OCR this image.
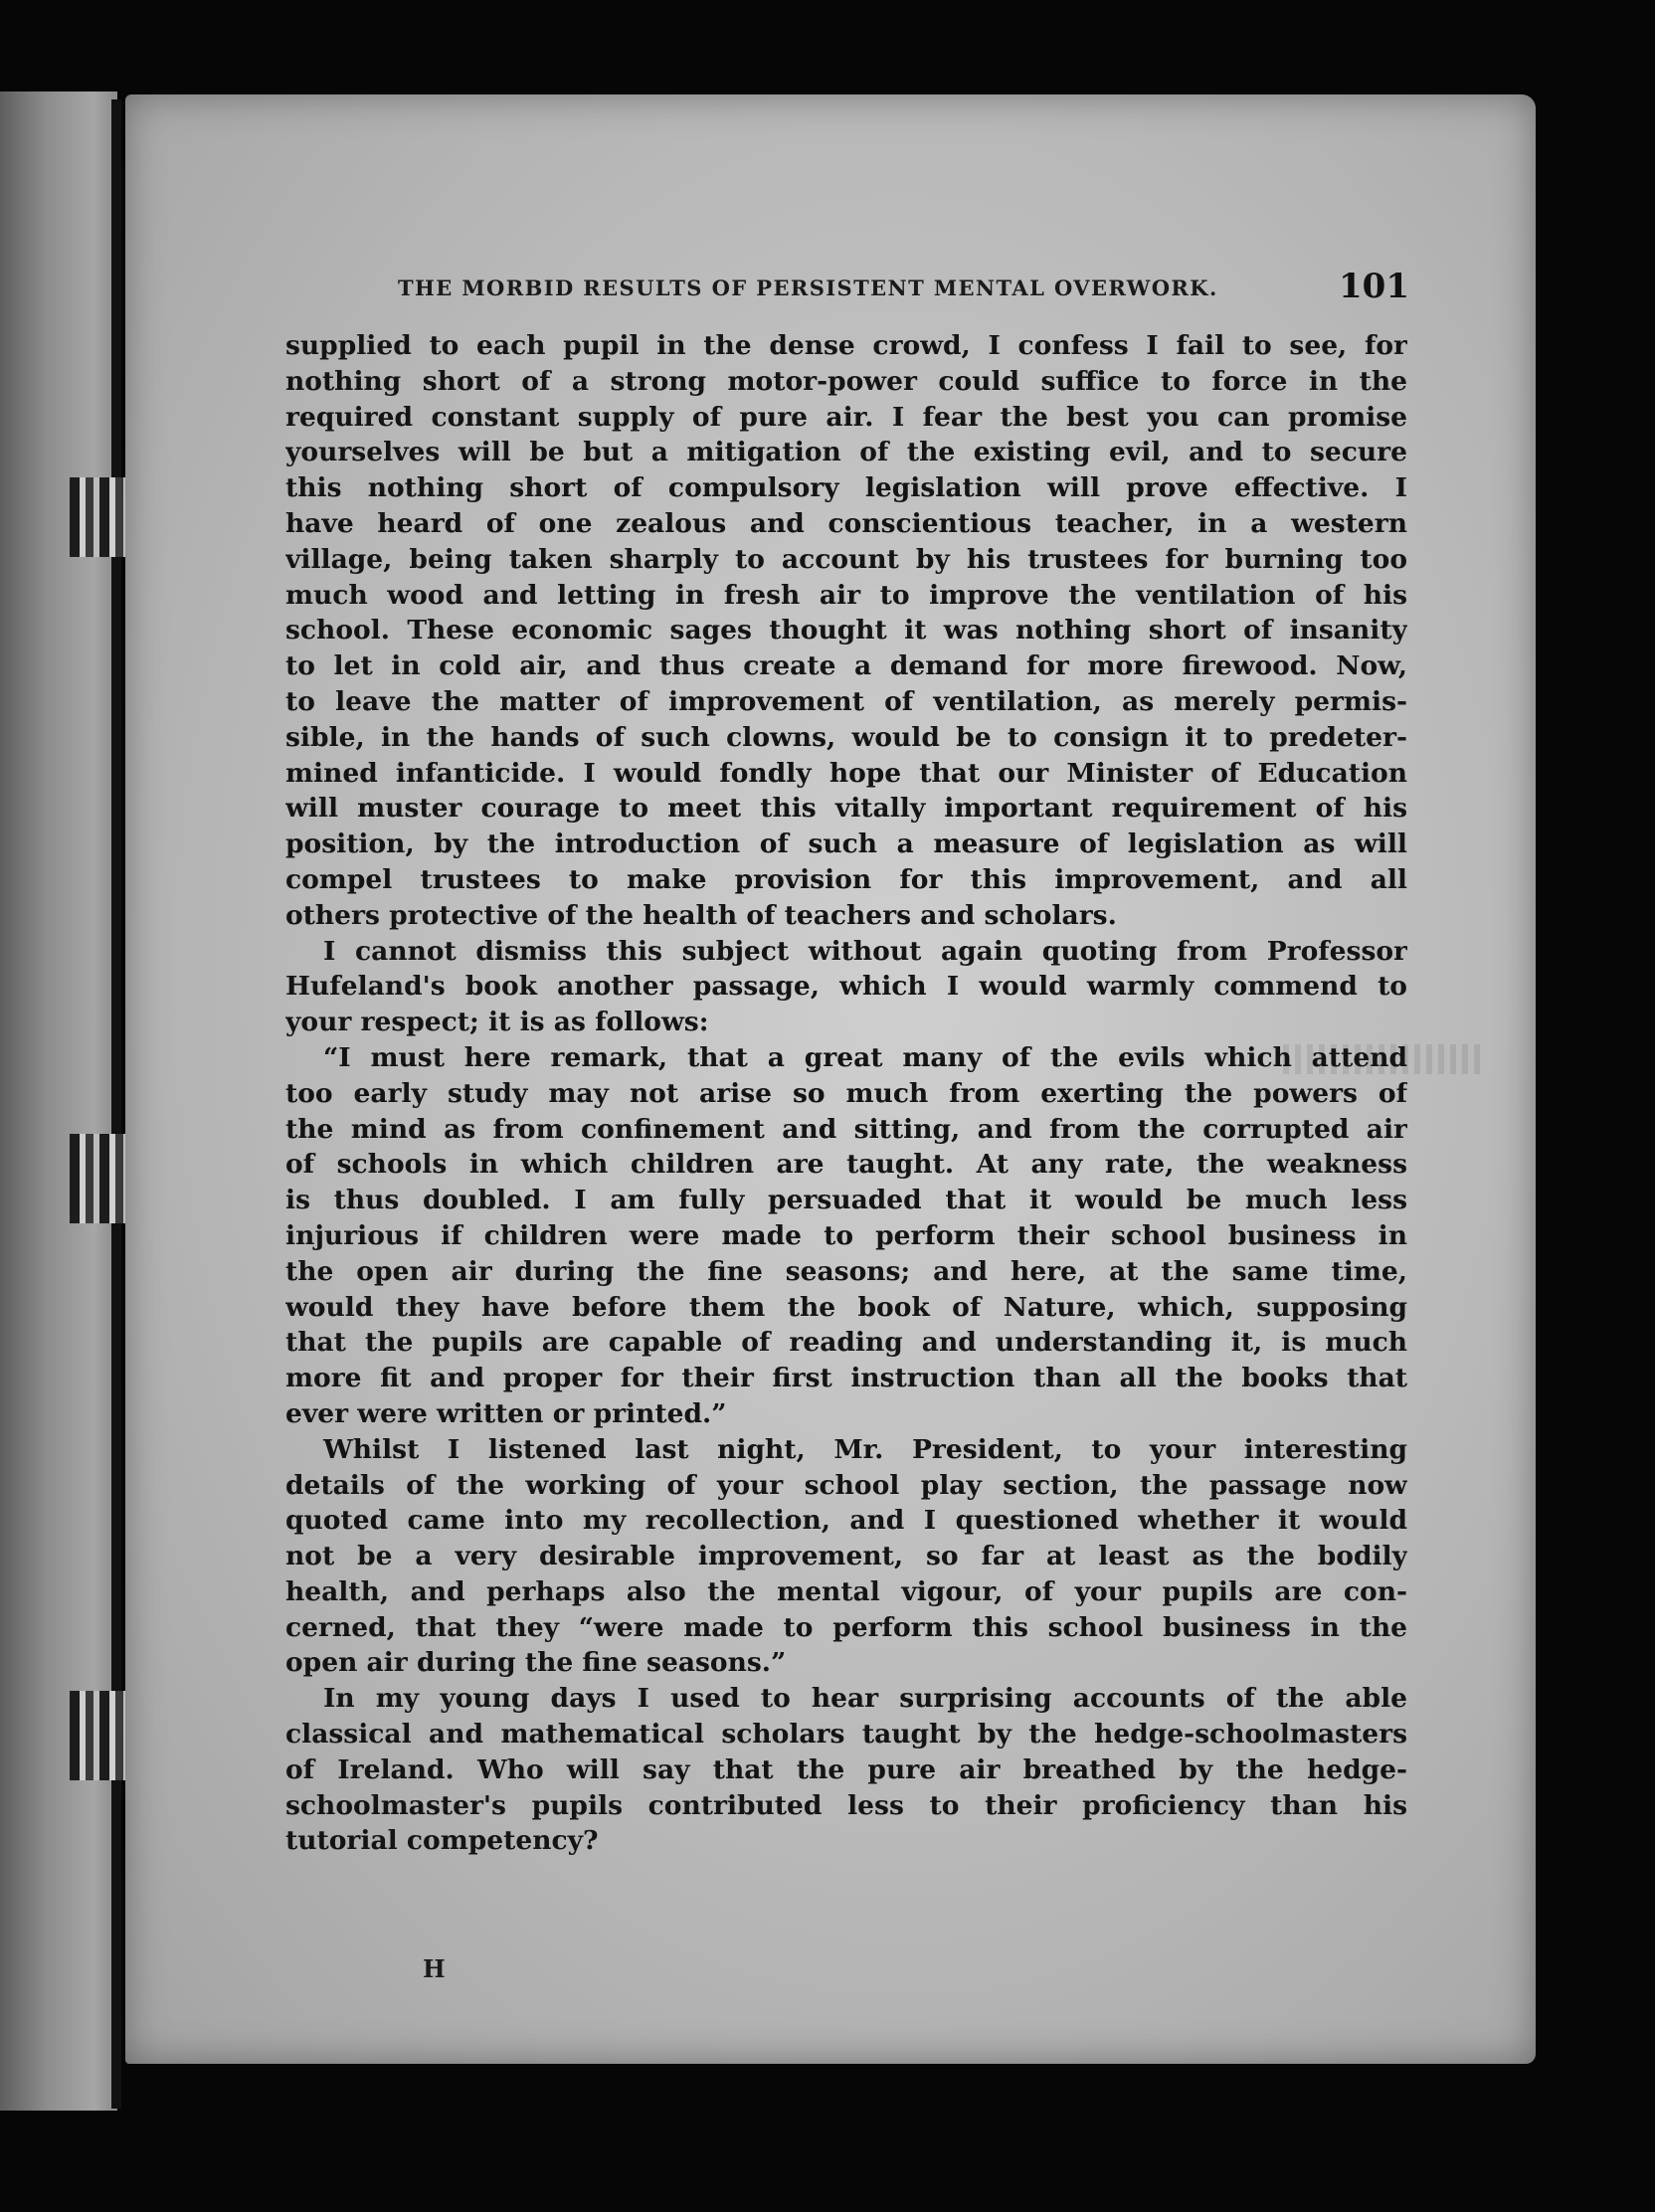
THE MORBID RESULTS OF PERSISTENT MENTAL OVERWORK.	101
supplied to each pupil in the dense crowd, I confess I fail to see, for
nothing short of a strong motor-power could suffice to force in the
required constant supply of pure air. I fear the best you can promise
yourselves will be but a mitigation of the existing evil, and to secure
this nothing short of compulsory legislation will prove effective. I
have heard of one zealous and conscientious teacher, in a western
village, being taken sharply to account by his trustees for burning too
much wood and letting in fresh air to improve the ventilation of his
school. These economic sages thought it was nothing short of insanity
to let in cold air, and thus create a demand for more firewood. Now,
to leave the matter of improvement of ventilation, as merely permis-
sible, in the hands of such clowns, would be to consign it to predeter-
mined infanticide. I would fondly hope that our Minister of Education
will muster courage to meet this vitally important requirement of his
position, by the introduction of such a measure of legislation as will
compel trustees to make provision for this improvement, and all
others protective of the health of teachers and scholars.
I cannot dismiss this subject without again quoting from Professor
Hufeland's book another passage, which I would warmly commend to
your respect; it is as follows:
“I must here remark, that a great many of the evils which attend
too early study may not arise so much from exerting the powers of
the mind as from confinement and sitting, and from the corrupted air
of schools in which children are taught. At any rate, the weakness
is thus doubled. I am fully persuaded that it would be much less
injurious if children were made to perform their school business in
the open air during the fine seasons; and here, at the same time,
would they have before them the book of Nature, which, supposing
that the pupils are capable of reading and understanding it, is much
more fit and proper for their first instruction than all the books that
ever were written or printed.”
Whilst I listened last night, Mr. President, to your interesting
details of the working of your school play section, the passage now
quoted came into my recollection, and I questioned whether it would
not be a very desirable improvement, so far at least as the bodily
health, and perhaps also the mental vigour, of your pupils are con-
cerned, that they “were made to perform this school business in the
open air during the fine seasons.”
In my young days I used to hear surprising accounts of the able
classical and mathematical scholars taught by the hedge-schoolmasters
of Ireland. Who will say that the pure air breathed by the hedge-
schoolmaster's pupils contributed less to their proficiency than his
tutorial competency?
H
